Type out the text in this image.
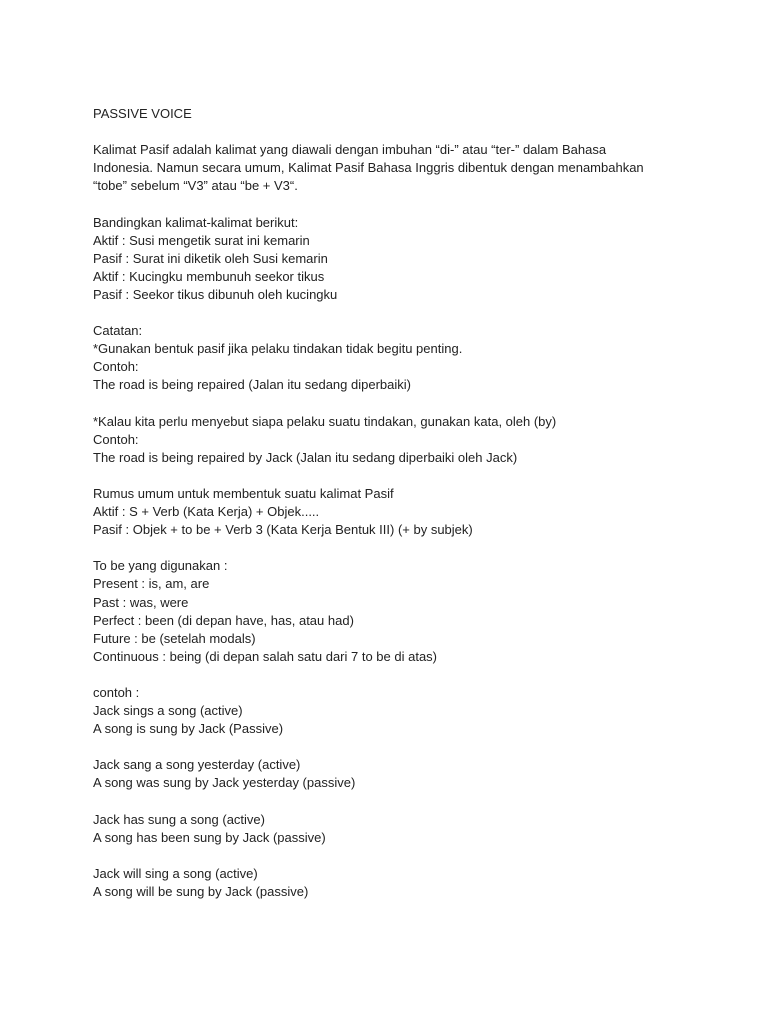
PASSIVE VOICE
Kalimat Pasif adalah kalimat yang diawali dengan imbuhan “di-” atau “ter-” dalam Bahasa
Indonesia. Namun secara umum, Kalimat Pasif Bahasa Inggris dibentuk dengan menambahkan
“tobe” sebelum “V3” atau “be + V3“.
Bandingkan kalimat-kalimat berikut:
Aktif : Susi mengetik surat ini kemarin
Pasif : Surat ini diketik oleh Susi kemarin
Aktif : Kucingku membunuh seekor tikus
Pasif : Seekor tikus dibunuh oleh kucingku
Catatan:
*Gunakan bentuk pasif jika pelaku tindakan tidak begitu penting.
Contoh:
The road is being repaired (Jalan itu sedang diperbaiki)
*Kalau kita perlu menyebut siapa pelaku suatu tindakan, gunakan kata, oleh (by)
Contoh:
The road is being repaired by Jack (Jalan itu sedang diperbaiki oleh Jack)
Rumus umum untuk membentuk suatu kalimat Pasif
Aktif : S + Verb (Kata Kerja) + Objek.....
Pasif : Objek + to be + Verb 3 (Kata Kerja Bentuk III) (+ by subjek)
To be yang digunakan :
Present : is, am, are
Past : was, were
Perfect : been (di depan have, has, atau had)
Future : be (setelah modals)
Continuous : being (di depan salah satu dari 7 to be di atas)
contoh :
Jack sings a song (active)
A song is sung by Jack (Passive)
Jack sang a song yesterday (active)
A song was sung by Jack yesterday (passive)
Jack has sung a song (active)
A song has been sung by Jack (passive)
Jack will sing a song (active)
A song will be sung by Jack (passive)
